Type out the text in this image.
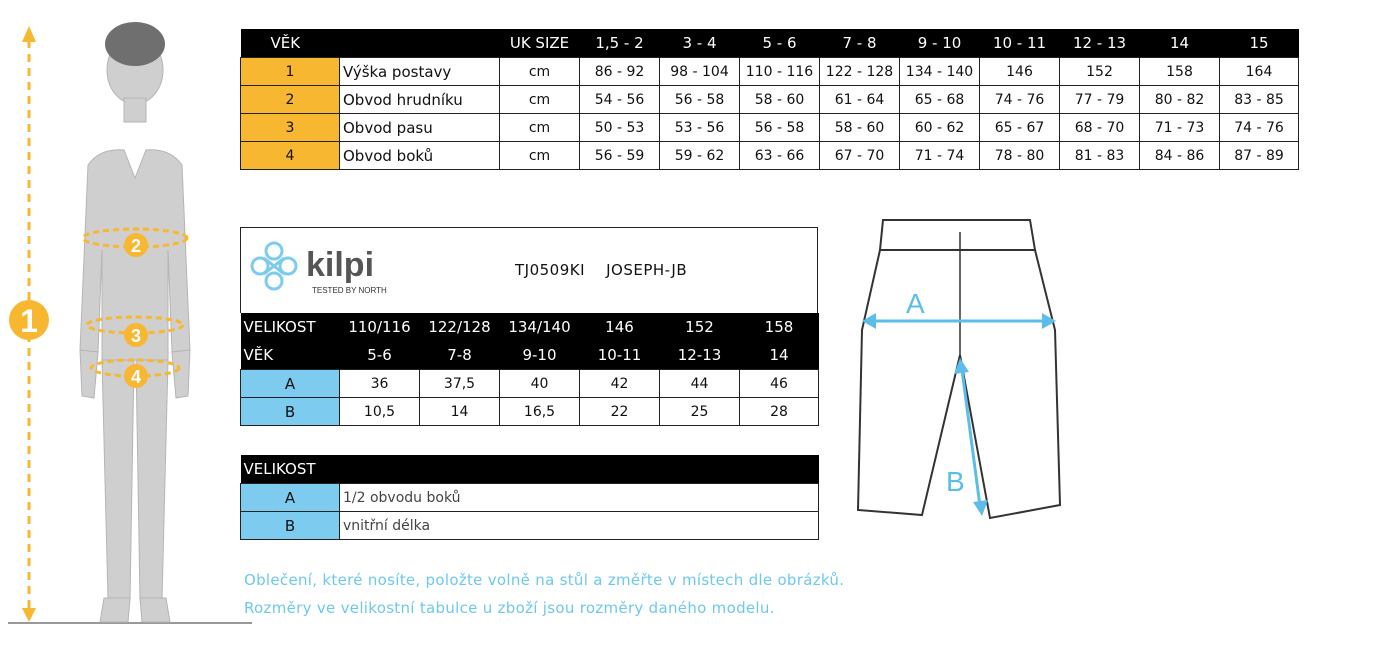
1
2
3
4
VĚK		UK SIZE	1,5 - 2	3 - 4	5 - 6	7 - 8	9 - 10	10 - 11	12 - 13	14	15
1	Výška postavy	cm	86 - 92	98 - 104	110 - 116	122 - 128	134 - 140	146	152	158	164
2	Obvod hrudníku	cm	54 - 56	56 - 58	58 - 60	61 - 64	65 - 68	74 - 76	77 - 79	80 - 82	83 - 85
3	Obvod pasu	cm	50 - 53	53 - 56	56 - 58	58 - 60	60 - 62	65 - 67	68 - 70	71 - 73	74 - 76
4	Obvod boků	cm	56 - 59	59 - 62	63 - 66	67 - 70	71 - 74	78 - 80	81 - 83	84 - 86	87 - 89
kilpi
TESTED BY NORTH
TJ0509KI JOSEPH-JB
VELIKOST	110/116	122/128	134/140	146	152	158
VĚK	5-6	7-8	9-10	10-11	12-13	14
A	36	37,5	40	42	44	46
B	10,5	14	16,5	22	25	28
VELIKOST	
A	1/2 obvodu boků
B	vnitřní délka
A
B
Oblečení, které nosíte, položte volně na stůl a změřte v místech dle obrázků.
Rozměry ve velikostní tabulce u zboží jsou rozměry daného modelu.
